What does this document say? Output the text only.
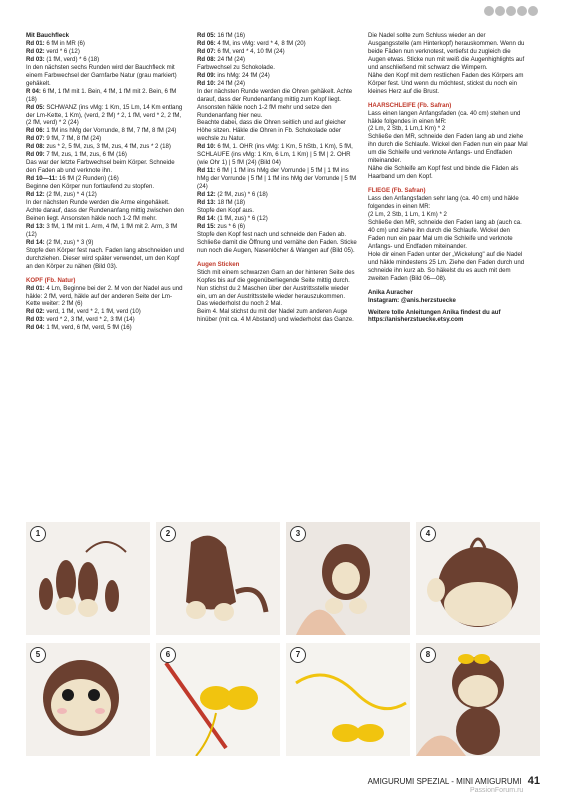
Mit Bauchfleck

Rd 01: 6 fM in MR (6)

Rd 02: verd * 6 (12)

Rd 03: (1 fM, verd) * 6 (18)

In den nächsten sechs Runden wird der Bauchfleck mit einem Farbwechsel der Garnfarbe Natur (grau markiert) gehäkelt.

R 04: 6 fM, 1 fM mit 1. Bein, 4 fM, 1 fM mit 2. Bein, 6 fM (18)

Rd 05: SCHWANZ (ins vMg: 1 Km, 15 Lm, 14 Km entlang der Lm-Kette, 1 Km), (verd, 2 fM) * 2, 1 fM, verd * 2, 2 fM, (2 fM, verd) * 2 (24)

Rd 06: 1 fM ins hMg der Vorrunde, 8 fM, 7 fM, 8 fM (24)

Rd 07: 9 fM, 7 fM, 8 fM (24)

Rd 08: zus * 2, 5 fM, zus, 3 fM, zus, 4 fM, zus * 2 (18)

Rd 09: 7 fM, zus, 1 fM, zus, 6 fM (16)

Das war der letzte Farbwechsel beim Körper. Schneide den Faden ab und verknote ihn.

Rd 10—11: 16 fM (2 Runden) (16)

Beginne den Körper nun fortlaufend zu stopfen.

Rd 12: (2 fM, zus) * 4 (12)

In der nächsten Runde werden die Arme eingehäkelt. Achte darauf, dass der Rundenanfang mittig zwischen den Beinen liegt. Ansonsten häkle noch 1-2 fM mehr.

Rd 13: 3 fM, 1 fM mit 1. Arm, 4 fM, 1 fM mit 2. Arm, 3 fM (12)

Rd 14: (2 fM, zus) * 3 (9)

Stopfe den Körper fest nach. Faden lang abschneiden und durchziehen. Dieser wird später verwendet, um den Kopf an den Körper zu nähen (Bild 03).

KOPF (Fb. Natur)

Rd 01: 4 Lm, Beginne bei der 2. M von der Nadel aus und häkle: 2 fM, verd, häkle auf der anderen Seite der Lm-Kette weiter: 2 fM (6)

Rd 02: verd, 1 fM, verd * 2, 1 fM, verd (10)

Rd 03: verd * 2, 3 fM, verd * 2, 3 fM (14)

Rd 04: 1 fM, verd, 6 fM, verd, 5 fM (16)

Rd 05: 16 fM (16)

Rd 06: 4 fM, ins vMg: verd * 4, 8 fM (20)

Rd 07: 6 fM, verd * 4, 10 fM (24)

Rd 08: 24 fM (24)

Farbwechsel zu Schokolade.

Rd 09: ins hMg: 24 fM (24)

Rd 10: 24 fM (24)

In der nächsten Runde werden die Ohren gehäkelt. Achte darauf, dass der Rundenanfang mittig zum Kopf liegt. Ansonsten häkle noch 1-2 fM mehr und setze den Rundenanfang hier neu.

Beachte dabei, dass die Ohren seitlich und auf gleicher Höhe sitzen. Häkle die Ohren in Fb. Schokolade oder wechsle zu Natur.

Rd 10: 6 fM, 1. OHR (ins vMg: 1 Km, 5 hStb, 1 Km), 5 fM, SCHLAUFE (ins vMg: 1 Km, 6 Lm, 1 Km) | 5 fM | 2. OHR (wie Ohr 1) | 5 fM (24) (Bild 04)

Rd 11: 6 fM | 1 fM ins hMg der Vorrunde | 5 fM | 1 fM ins hMg der Vorrunde | 5 fM | 1 fM ins hMg der Vorrunde | 5 fM (24)

Rd 12: (2 fM, zus) * 6 (18)

Rd 13: 18 fM (18)

Stopfe den Kopf aus.

Rd 14: (1 fM, zus) * 6 (12)

Rd 15: zus * 6 (6)

Stopfe den Kopf fest nach und schneide den Faden ab. Schließe damit die Öffnung und vernähe den Faden. Sticke nun noch die Augen, Nasenlöcher & Wangen auf (Bild 05).

Augen Sticken

Stich mit einem schwarzen Garn an der hinteren Seite des Kopfes bis auf die gegenüberliegende Seite mittig durch. Nun stichst du 2 Maschen über der Austrittsstelle wieder ein, um an der Austrittsstelle wieder herauszukommen.

Das wiederholst du noch 2 Mal.

Beim 4. Mal stichst du mit der Nadel zum anderen Auge hinüber (mit ca. 4 M Abstand) und wiederholst das Ganze.

Die Nadel sollte zum Schluss wieder an der Ausgangsstelle (am Hinterkopf) herauskommen. Wenn du beide Fäden nun verknotest, vertiefst du zugleich die Augen etwas. Sticke nun mit weiß die Augenhighlights auf und anschließend mit schwarz die Wimpern.

Nähe den Kopf mit dem restlichen Faden des Körpers am Körper fest. Und wenn du möchtest, stickst du noch ein kleines Herz auf die Brust.

HAARSCHLEIFE (Fb. Safran)

Lass einen langen Anfangsfaden (ca. 40 cm) stehen und häkle folgendes in einen MR:

(2 Lm, 2 Stb, 1 Lm,1 Km) * 2

Schließe den MR, schneide den Faden lang ab und ziehe ihn durch die Schlaufe. Wickel den Faden nun ein paar Mal um die Schleife und verknote Anfangs- und Endfaden miteinander.

Nähe die Schleife am Kopf fest und binde die Fäden als Haarband um den Kopf.

FLIEGE (Fb. Safran)

Lass den Anfangsfaden sehr lang (ca. 40 cm) und häkle folgendes in einen MR:

(2 Lm, 2 Stb, 1 Lm, 1 Km) * 2

Schließe den MR, schneide den Faden lang ab (auch ca. 40 cm) und ziehe ihn durch die Schlaufe. Wickel den Faden nun ein paar Mal um die Schleife und verknote Anfangs- und Endfaden miteinander.

Hole dir einen Faden unter der „Wickelung" auf die Nadel und häkle mindestens 25 Lm. Ziehe den Faden durch und schneide ihn kurz ab. So häkelst du es auch mit dem zweiten Faden (Bild 06—08).

Anika Auracher

Instagram: @anis.herzstuecke

Weitere tolle Anleitungen Anika findest du auf https://anisherzstuecke.etsy.com

1	2	3	4
5	6	7	8
AMIGURUMI SPEZIAL - MINI AMIGURUMI 41
PassionForum.ru
